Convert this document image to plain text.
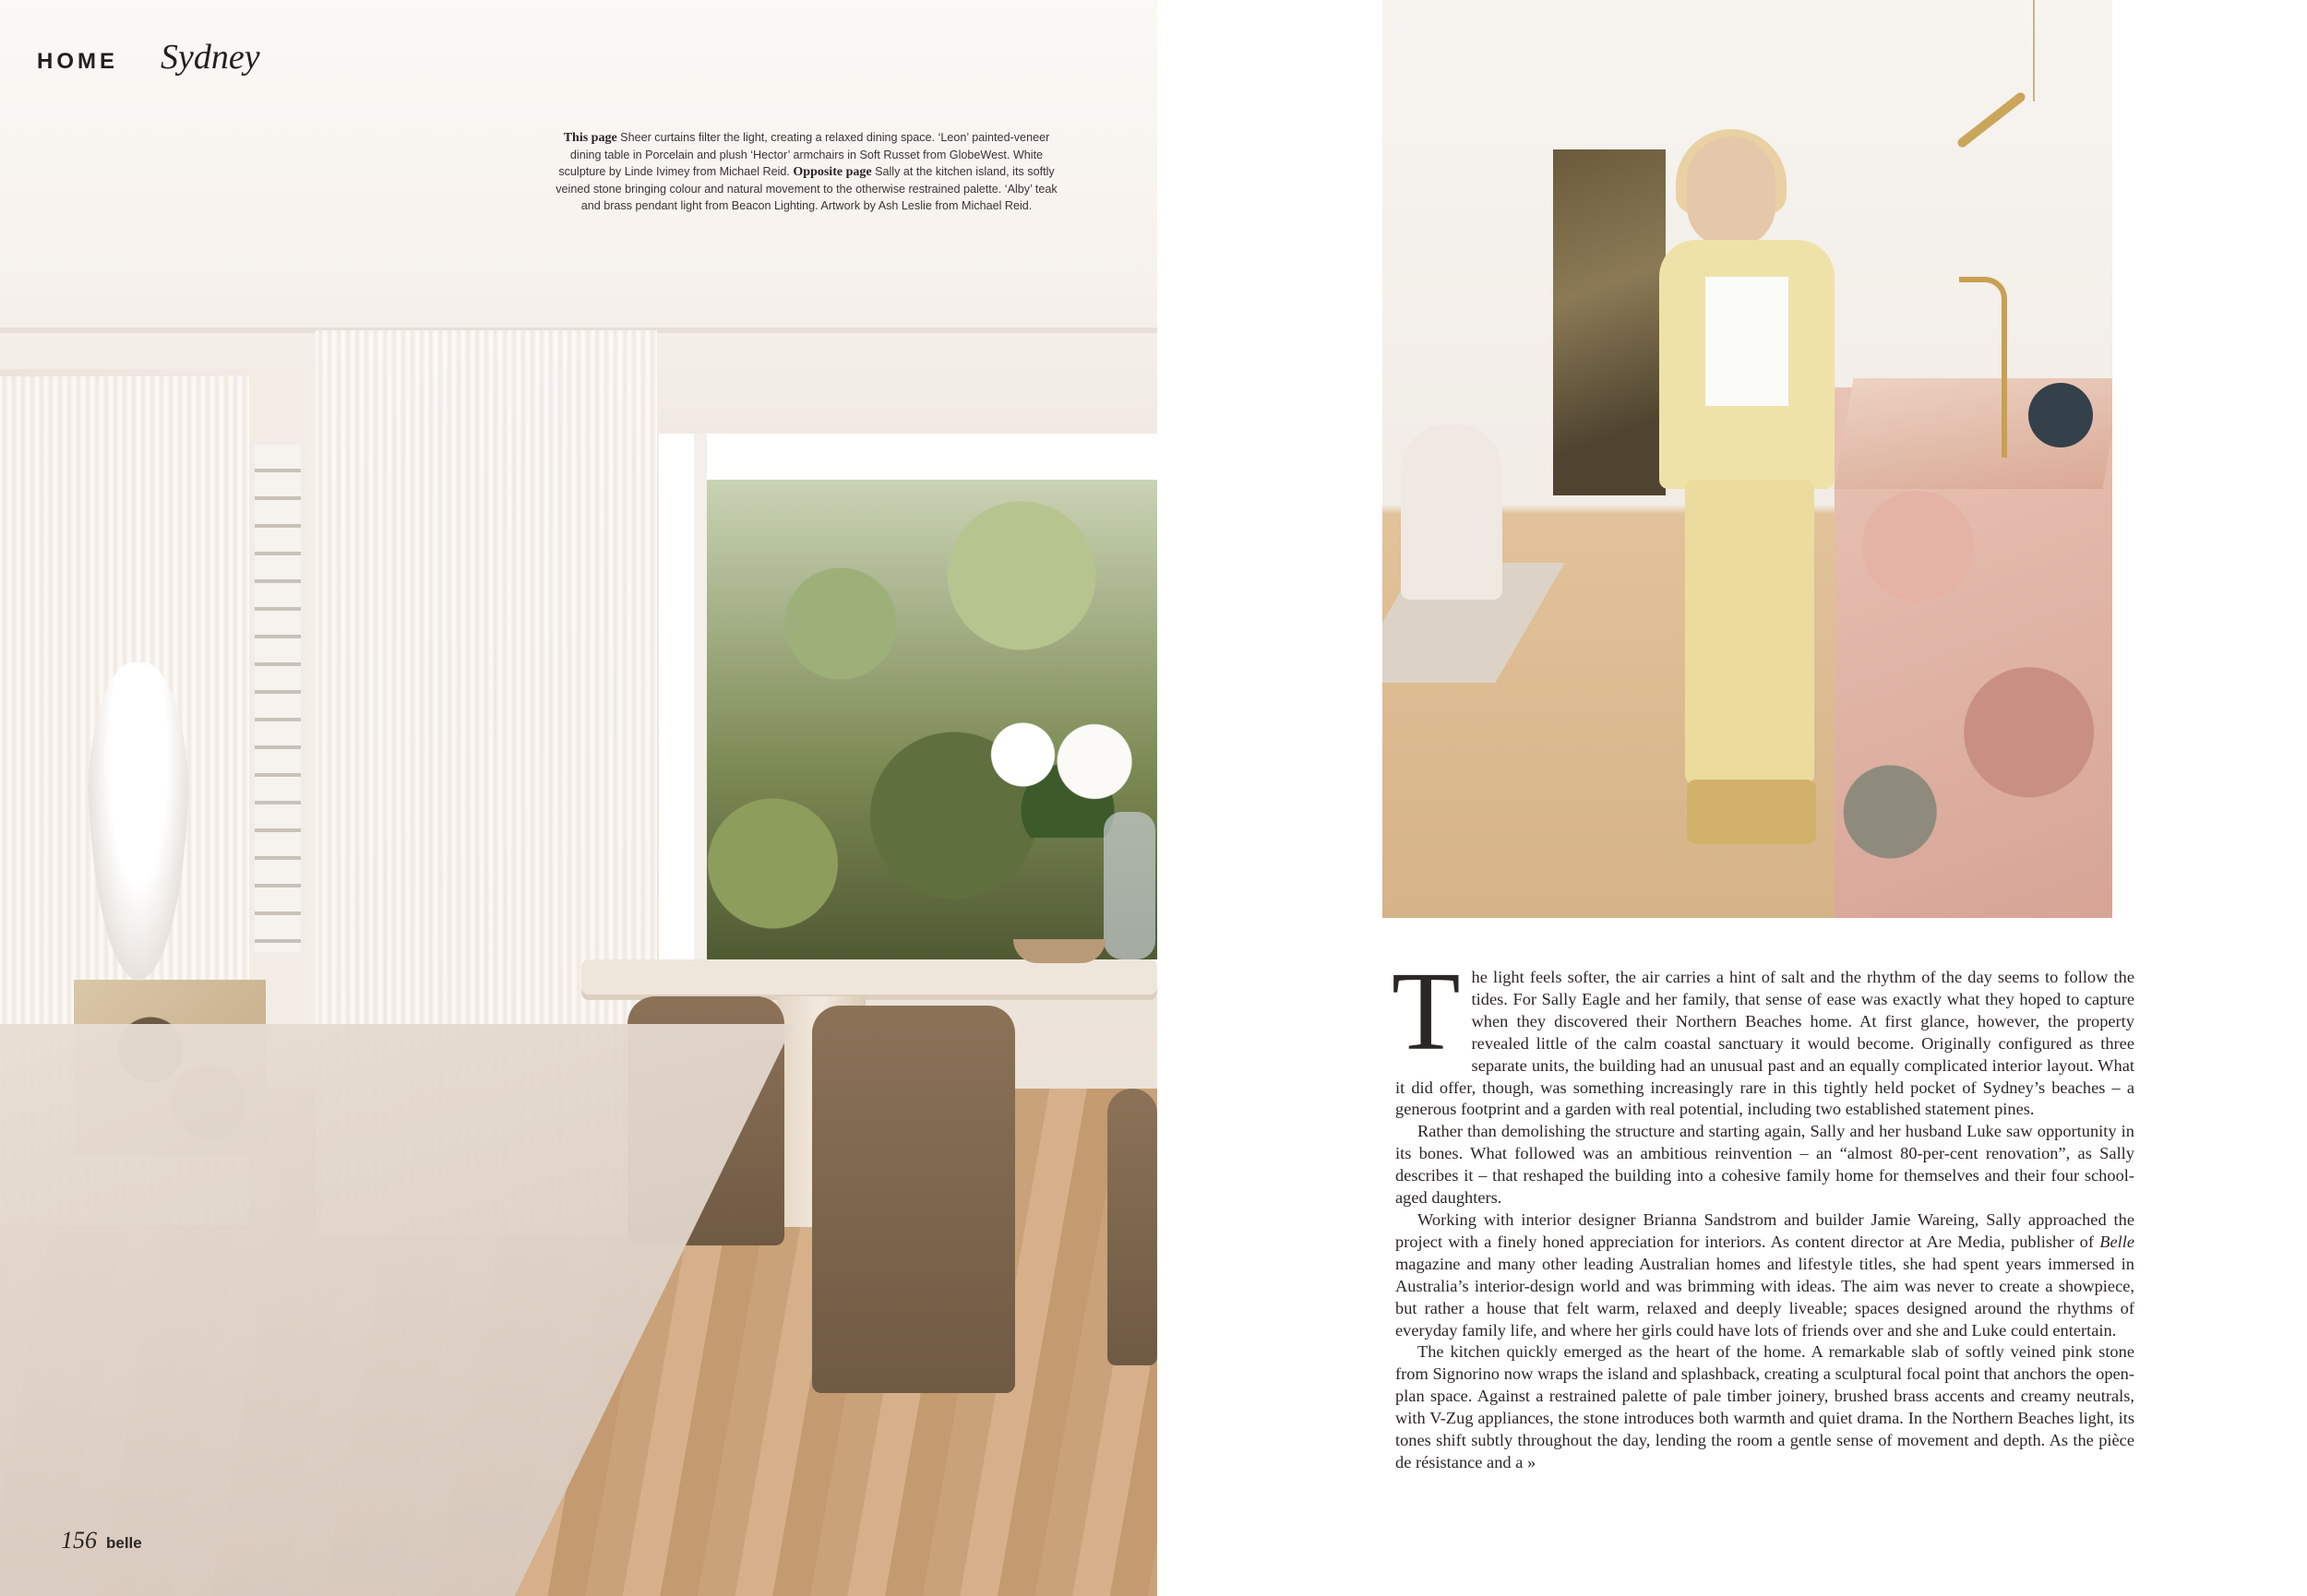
HOME Sydney
This page Sheer curtains filter the light, creating a relaxed dining space. ‘Leon’ painted-veneer dining table in Porcelain and plush ‘Hector’ armchairs in Soft Russet from GlobeWest. White sculpture by Linde Ivimey from Michael Reid. Opposite page Sally at the kitchen island, its softly veined stone bringing colour and natural movement to the otherwise restrained palette. ‘Alby’ teak and brass pendant light from Beacon Lighting. Artwork by Ash Leslie from Michael Reid.
156 belle

The light feels softer, the air carries a hint of salt and the rhythm of the day seems to follow the tides. For Sally Eagle and her family, that sense of ease was exactly what they hoped to capture when they discovered their Northern Beaches home. At first glance, however, the property revealed little of the calm coastal sanctuary it would become. Originally configured as three separate units, the building had an unusual past and an equally complicated interior layout. What it did offer, though, was something increasingly rare in this tightly held pocket of Sydney’s beaches – a generous footprint and a garden with real potential, including two established statement pines.

Rather than demolishing the structure and starting again, Sally and her husband Luke saw opportunity in its bones. What followed was an ambitious reinvention – an “almost 80-per-cent renovation”, as Sally describes it – that reshaped the building into a cohesive family home for themselves and their four school-aged daughters.

Working with interior designer Brianna Sandstrom and builder Jamie Wareing, Sally approached the project with a finely honed appreciation for interiors. As content director at Are Media, publisher of Belle magazine and many other leading Australian homes and lifestyle titles, she had spent years immersed in Australia’s interior-design world and was brimming with ideas. The aim was never to create a showpiece, but rather a house that felt warm, relaxed and deeply liveable; spaces designed around the rhythms of everyday family life, and where her girls could have lots of friends over and she and Luke could entertain.

The kitchen quickly emerged as the heart of the home. A remarkable slab of softly veined pink stone from Signorino now wraps the island and splashback, creating a sculptural focal point that anchors the open-plan space. Against a restrained palette of pale timber joinery, brushed brass accents and creamy neutrals, with V-Zug appliances, the stone introduces both warmth and quiet drama. In the Northern Beaches light, its tones shift subtly throughout the day, lending the room a gentle sense of movement and depth. As the pièce de résistance and a »
